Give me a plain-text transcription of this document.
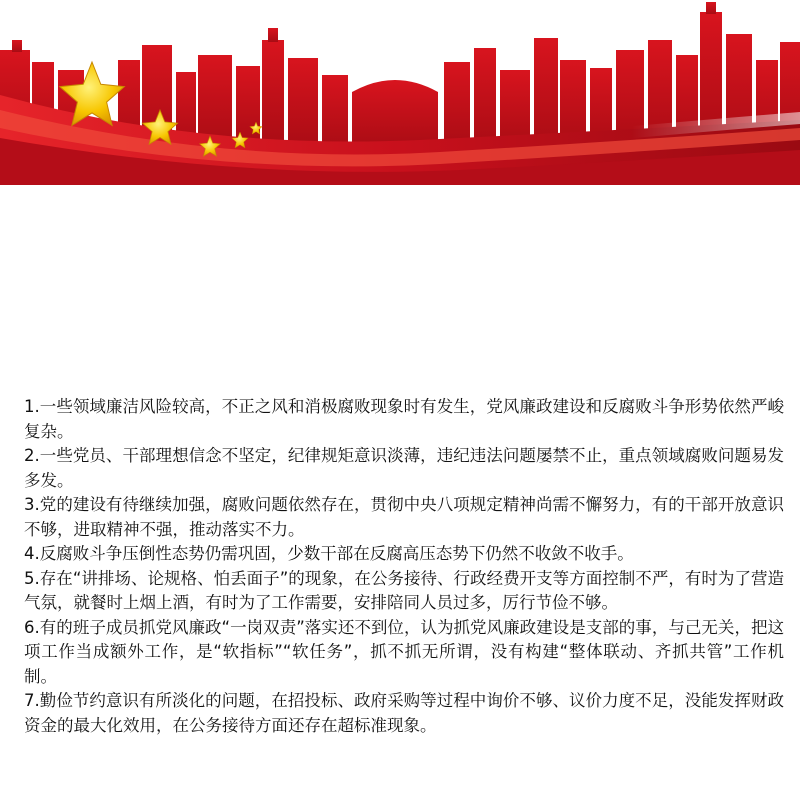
1.一些领域廉洁风险较高，不正之风和消极腐败现象时有发生，党风廉政建设和反腐败斗争形势依然严峻复杂。

2.一些党员、干部理想信念不坚定，纪律规矩意识淡薄，违纪违法问题屡禁不止，重点领域腐败问题易发多发。

3.党的建设有待继续加强，腐败问题依然存在，贯彻中央八项规定精神尚需不懈努力，有的干部开放意识不够，进取精神不强，推动落实不力。

4.反腐败斗争压倒性态势仍需巩固，少数干部在反腐高压态势下仍然不收敛不收手。

5.存在“讲排场、论规格、怕丢面子”的现象，在公务接待、行政经费开支等方面控制不严，有时为了营造气氛，就餐时上烟上酒，有时为了工作需要，安排陪同人员过多，厉行节俭不够。

6.有的班子成员抓党风廉政“一岗双责”落实还不到位，认为抓党风廉政建设是支部的事，与己无关，把这项工作当成额外工作，是“软指标”“软任务”，抓不抓无所谓，没有构建“整体联动、齐抓共管”工作机制。

7.勤俭节约意识有所淡化的问题，在招投标、政府采购等过程中询价不够、议价力度不足，没能发挥财政资金的最大化效用，在公务接待方面还存在超标准现象。
